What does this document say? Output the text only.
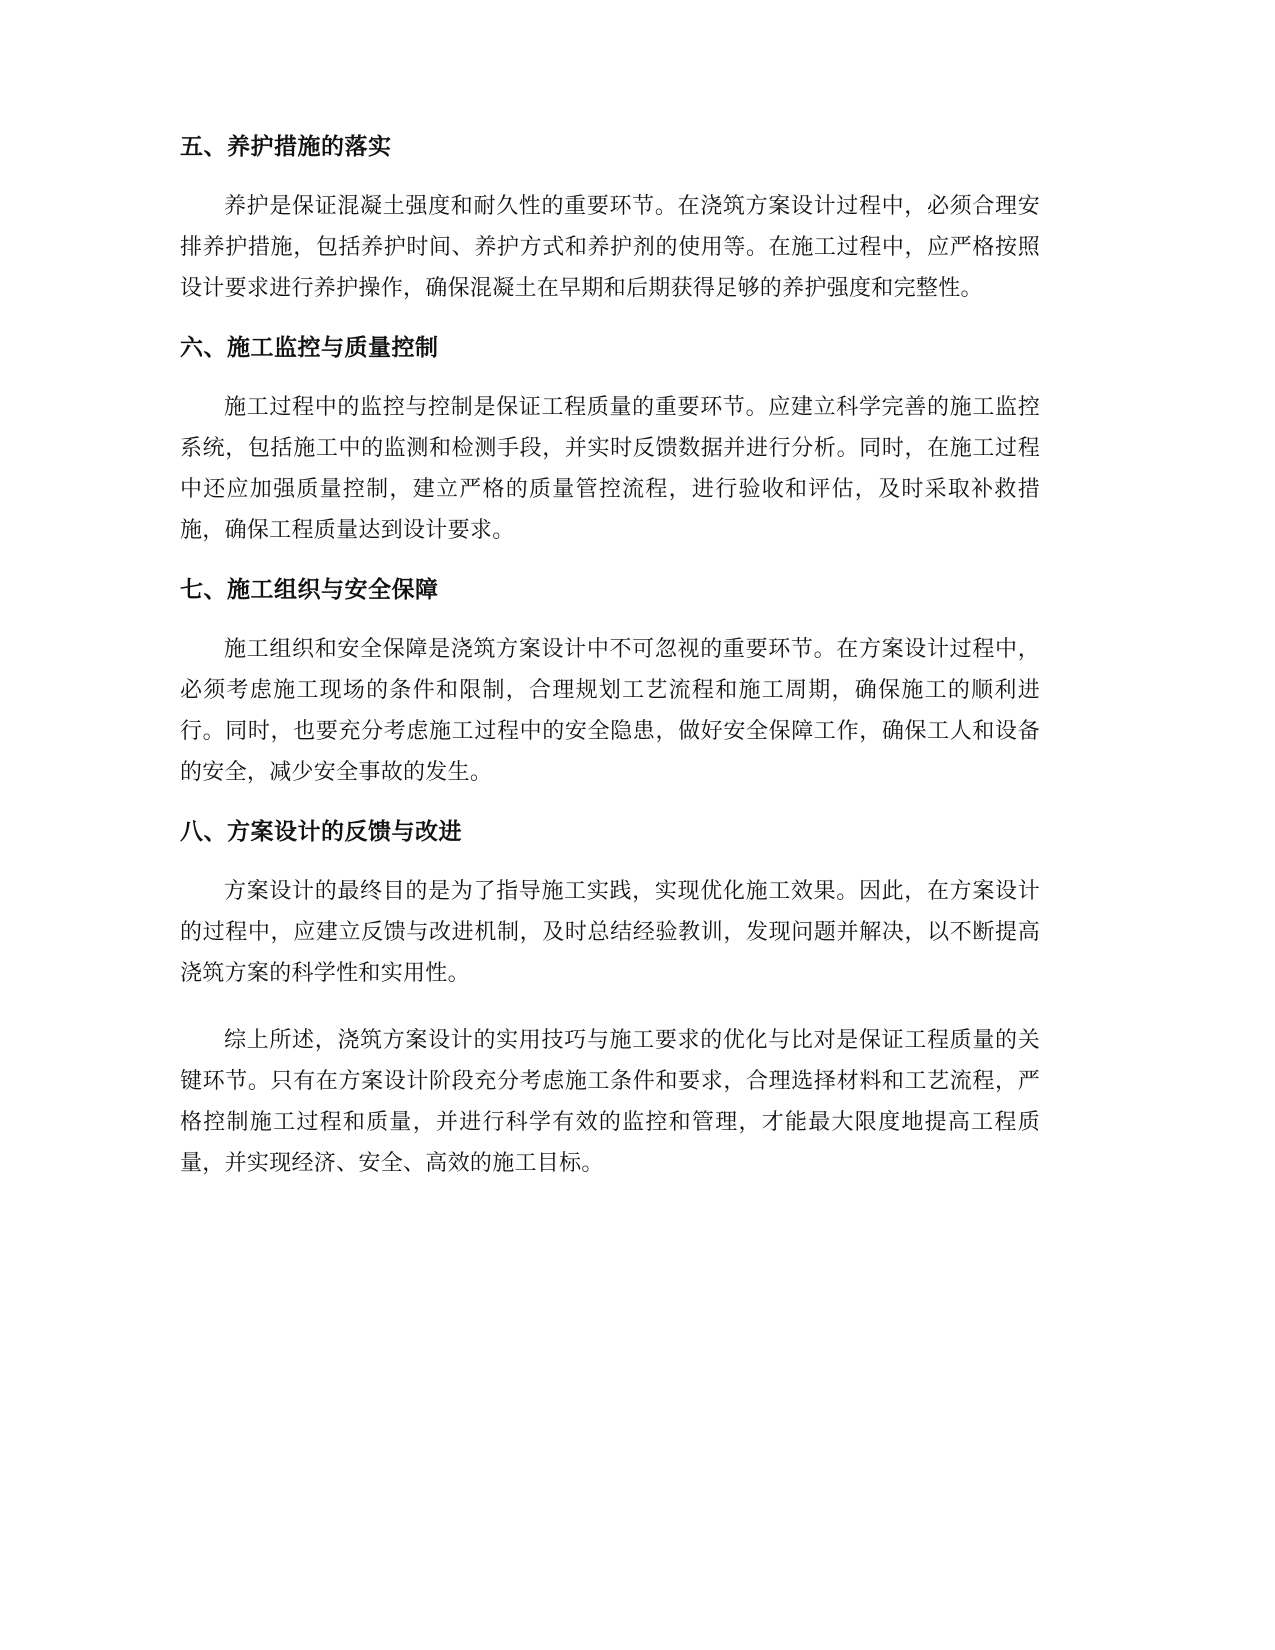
五、养护措施的落实

养护是保证混凝土强度和耐久性的重要环节。在浇筑方案设计过程中，必须合理安排养护措施，包括养护时间、养护方式和养护剂的使用等。在施工过程中，应严格按照设计要求进行养护操作，确保混凝土在早期和后期获得足够的养护强度和完整性。

六、施工监控与质量控制

施工过程中的监控与控制是保证工程质量的重要环节。应建立科学完善的施工监控系统，包括施工中的监测和检测手段，并实时反馈数据并进行分析。同时，在施工过程中还应加强质量控制，建立严格的质量管控流程，进行验收和评估，及时采取补救措施，确保工程质量达到设计要求。

七、施工组织与安全保障

施工组织和安全保障是浇筑方案设计中不可忽视的重要环节。在方案设计过程中，必须考虑施工现场的条件和限制，合理规划工艺流程和施工周期，确保施工的顺利进行。同时，也要充分考虑施工过程中的安全隐患，做好安全保障工作，确保工人和设备的安全，减少安全事故的发生。

八、方案设计的反馈与改进

方案设计的最终目的是为了指导施工实践，实现优化施工效果。因此，在方案设计的过程中，应建立反馈与改进机制，及时总结经验教训，发现问题并解决，以不断提高浇筑方案的科学性和实用性。

综上所述，浇筑方案设计的实用技巧与施工要求的优化与比对是保证工程质量的关键环节。只有在方案设计阶段充分考虑施工条件和要求，合理选择材料和工艺流程，严格控制施工过程和质量，并进行科学有效的监控和管理，才能最大限度地提高工程质量，并实现经济、安全、高效的施工目标。
